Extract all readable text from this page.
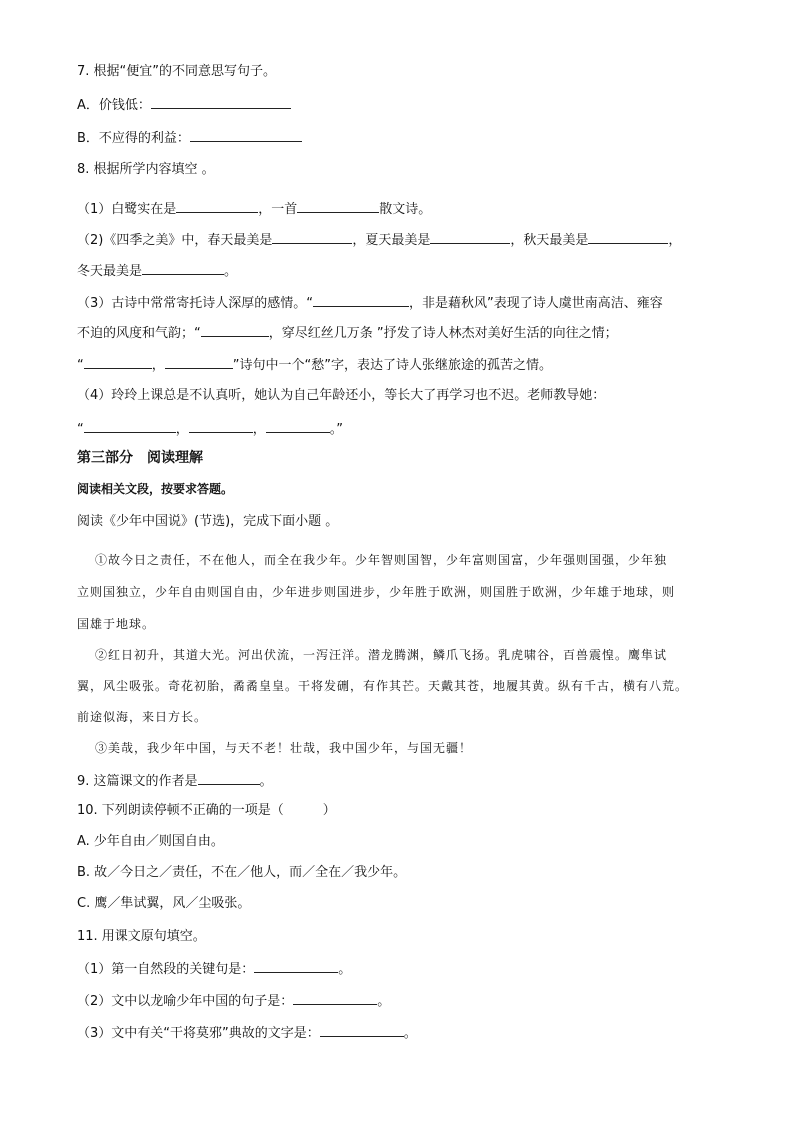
7. 根据“便宜”的不同意思写句子。
A．价钱低：
B．不应得的利益：
8. 根据所学内容填空 。
（1）白鹭实在是	，一首	散文诗。
（2)《四季之美》中，春天最美是	，夏天最美是	，秋天最美是	，
冬天最美是	。
（3）古诗中常常寄托诗人深厚的感情。“	，非是藉秋风”表现了诗人虞世南高洁、雍容
不迫的风度和气韵；“	，穿尽红丝几万条 ”抒发了诗人林杰对美好生活的向往之情；
“	，	”诗句中一个“愁”字，表达了诗人张继旅途的孤苦之情。
（4）玲玲上课总是不认真听，她认为自己年龄还小，等长大了再学习也不迟。老师教导她：
“	，	，	。”
第三部分　阅读理解
阅读相关文段，按要求答题。
阅读《少年中国说》(节选)，完成下面小题 。
①故今日之责任，不在他人，而全在我少年。少年智则国智，少年富则国富，少年强则国强，少年独
立则国独立，少年自由则国自由，少年进步则国进步，少年胜于欧洲，则国胜于欧洲，少年雄于地球，则
国雄于地球。
②红日初升，其道大光。河出伏流，一泻汪洋。潜龙腾渊，鳞爪飞扬。乳虎啸谷，百兽震惶。鹰隼试
翼，风尘吸张。奇花初胎，矞矞皇皇。干将发硎，有作其芒。天戴其苍，地履其黄。纵有千古，横有八荒。
前途似海，来日方长。
③美哉，我少年中国，与天不老！壮哉，我中国少年，与国无疆！
9. 这篇课文的作者是	。
10. 下列朗读停顿不正确的一项是（　　　）
A. 少年自由／则国自由。
B. 故／今日之／责任，不在／他人，而／全在／我少年。
C. 鹰／隼试翼，风／尘吸张。
11. 用课文原句填空。
（1）第一自然段的关键句是：	。
（2）文中以龙喻少年中国的句子是：	。
（3）文中有关“干将莫邪”典故的文字是：	。
